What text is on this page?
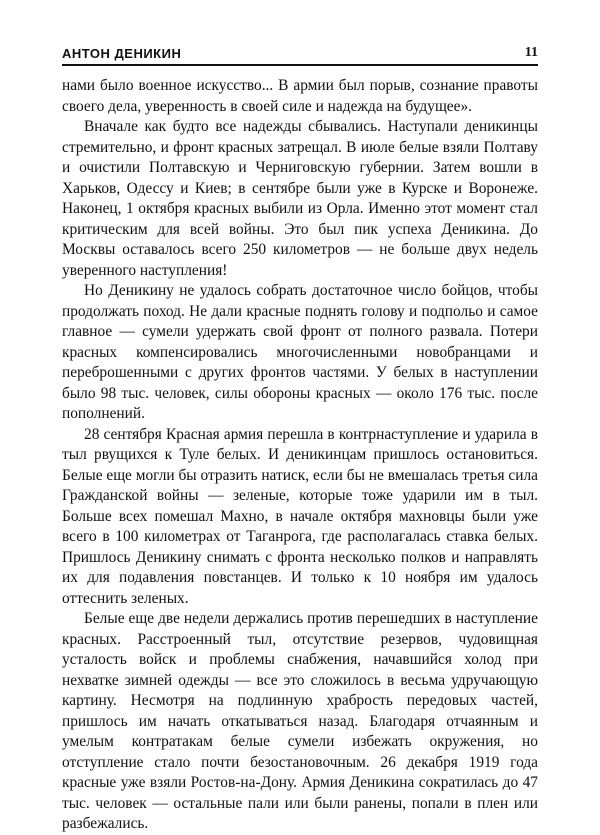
АНТОН ДЕНИКИН	11

нами было военное искусство... В армии был порыв, сознание правоты своего дела, уверенность в своей силе и надежда на будущее».

Вначале как будто все надежды сбывались. Наступали деникинцы стремительно, и фронт красных затрещал. В июле белые взяли Полтаву и очистили Полтавскую и Черниговскую губернии. Затем вошли в Харьков, Одессу и Киев; в сентябре были уже в Курске и Воронеже. Наконец, 1 октября красных выбили из Орла. Именно этот момент стал критическим для всей войны. Это был пик успеха Деникина. До Москвы оставалось всего 250 километров — не больше двух недель уверенного наступления!

Но Деникину не удалось собрать достаточное число бойцов, чтобы продолжать поход. Не дали красные поднять голову и подпольо и самое главное — сумели удержать свой фронт от полного развала. Потери красных компенсировались многочисленными новобранцами и переброшенными с других фронтов частями. У белых в наступлении было 98 тыс. человек, силы обороны красных — около 176 тыс. после пополнений.

28 сентября Красная армия перешла в контрнаступление и ударила в тыл рвущихся к Туле белых. И деникинцам пришлось остановиться. Белые еще могли бы отразить натиск, если бы не вмешалась третья сила Гражданской войны — зеленые, которые тоже ударили им в тыл. Больше всех помешал Махно, в начале октября махновцы были уже всего в 100 километрах от Таганрога, где располагалась ставка белых. Пришлось Деникину снимать с фронта несколько полков и направлять их для подавления повстанцев. И только к 10 ноября им удалось оттеснить зеленых.

Белые еще две недели держались против перешедших в наступление красных. Расстроенный тыл, отсутствие резервов, чудовищная усталость войск и проблемы снабжения, начавшийся холод при нехватке зимней одежды — все это сложилось в весьма удручающую картину. Несмотря на подлинную храбрость передовых частей, пришлось им начать откатываться назад. Благодаря отчаянным и умелым контратакам белые сумели избежать окружения, но отступление стало почти безостановочным. 26 декабря 1919 года красные уже взяли Ростов-на-Дону. Армия Деникина сократилась до 47 тыс. человек — остальные пали или были ранены, попали в плен или разбежались.
